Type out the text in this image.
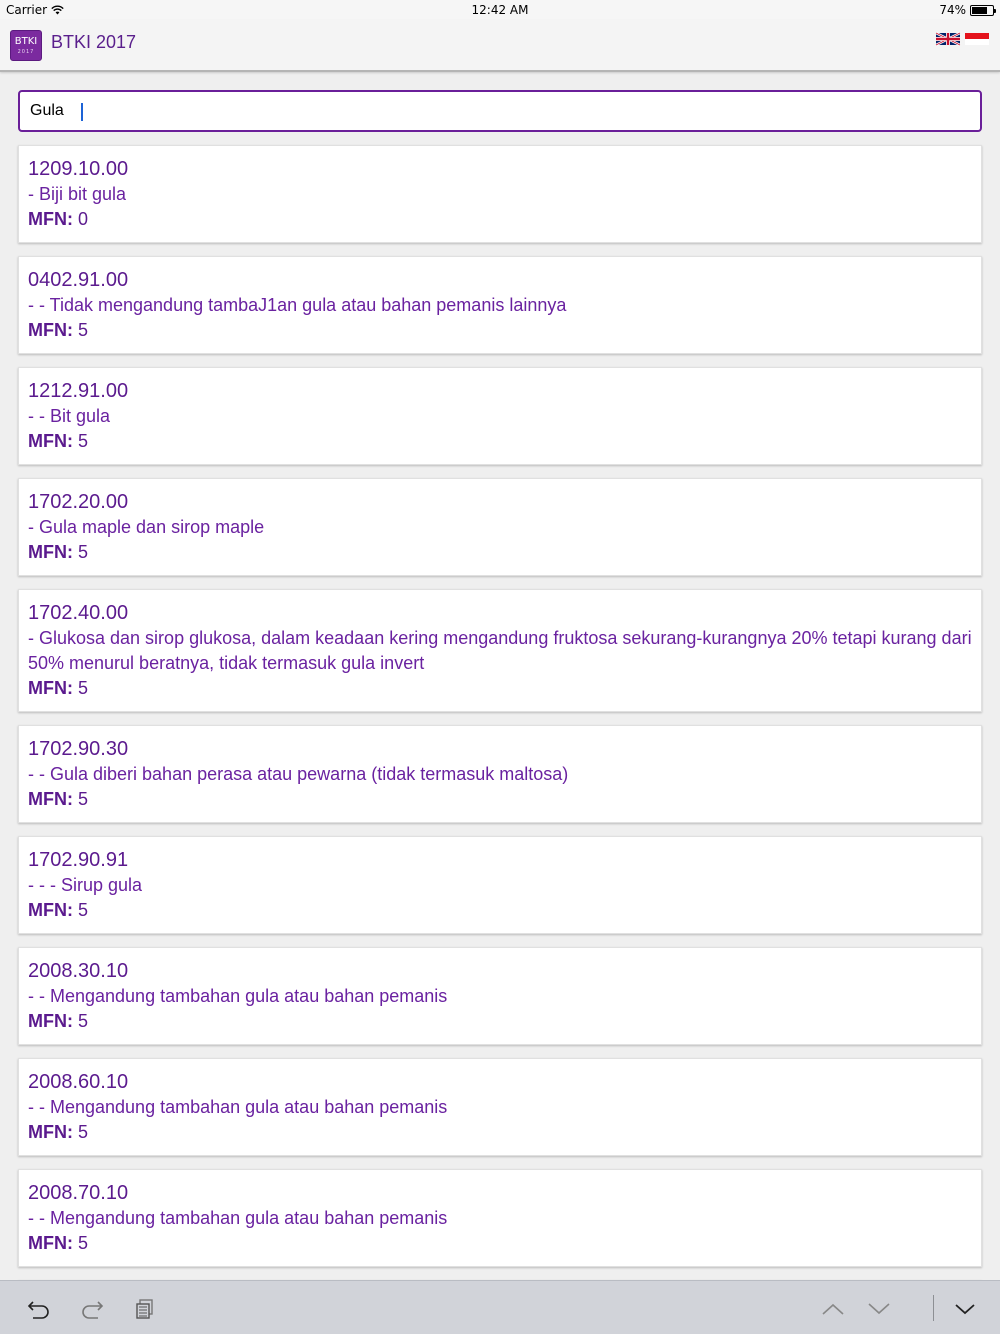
Carrier	12:42 AM	74%
BTKI
2017 BTKI 2017
Gula
1209.10.00
- Biji bit gula
MFN: 0
0402.91.00
- - Tidak mengandung tambaJ1an gula atau bahan pemanis lainnya
MFN: 5
1212.91.00
- - Bit gula
MFN: 5
1702.20.00
- Gula maple dan sirop maple
MFN: 5
1702.40.00
- Glukosa dan sirop glukosa, dalam keadaan kering mengandung fruktosa sekurang-kurangnya 20% tetapi kurang dari 50% menurul beratnya, tidak termasuk gula invert
MFN: 5
1702.90.30
- - Gula diberi bahan perasa atau pewarna (tidak termasuk maltosa)
MFN: 5
1702.90.91
- - - Sirup gula
MFN: 5
2008.30.10
- - Mengandung tambahan gula atau bahan pemanis
MFN: 5
2008.60.10
- - Mengandung tambahan gula atau bahan pemanis
MFN: 5
2008.70.10
- - Mengandung tambahan gula atau bahan pemanis
MFN: 5
